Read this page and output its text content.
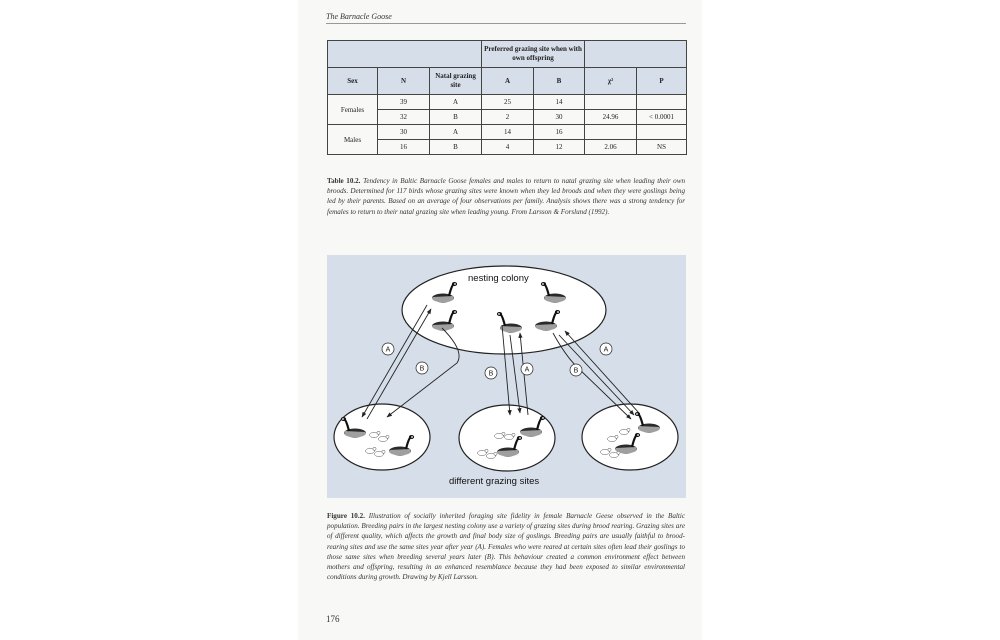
The Barnacle Goose
			Preferred grazing site when with own offspring			
Sex	N	Natal grazing site	A	B	χ²	P
Females	39	A	25	14		
	32	B	2	30	24.96	< 0.0001
Males	30	A	14	16		
	16	B	4	12	2.06	NS
Table 10.2. Tendency in Baltic Barnacle Goose females and males to return to natal grazing site when leading their own broods. Determined for 117 birds whose grazing sites were known when they led broods and when they were goslings being led by their parents. Based on an average of four observations per family. Analysis shows there was a strong tendency for females to return to their natal grazing site when leading young. From Larsson & Forslund (1992).
A
B
B
A	B
A
nesting colony
different grazing sites
Figure 10.2. Illustration of socially inherited foraging site fidelity in female Barnacle Geese observed in the Baltic population. Breeding pairs in the largest nesting colony use a variety of grazing sites during brood rearing. Grazing sites are of different quality, which affects the growth and final body size of goslings. Breeding pairs are usually faithful to brood-rearing sites and use the same sites year after year (A). Females who were reared at certain sites often lead their goslings to those same sites when breeding several years later (B). This behaviour created a common environment effect between mothers and offspring, resulting in an enhanced resemblance because they had been exposed to similar environmental conditions during growth. Drawing by Kjell Larsson.
176
